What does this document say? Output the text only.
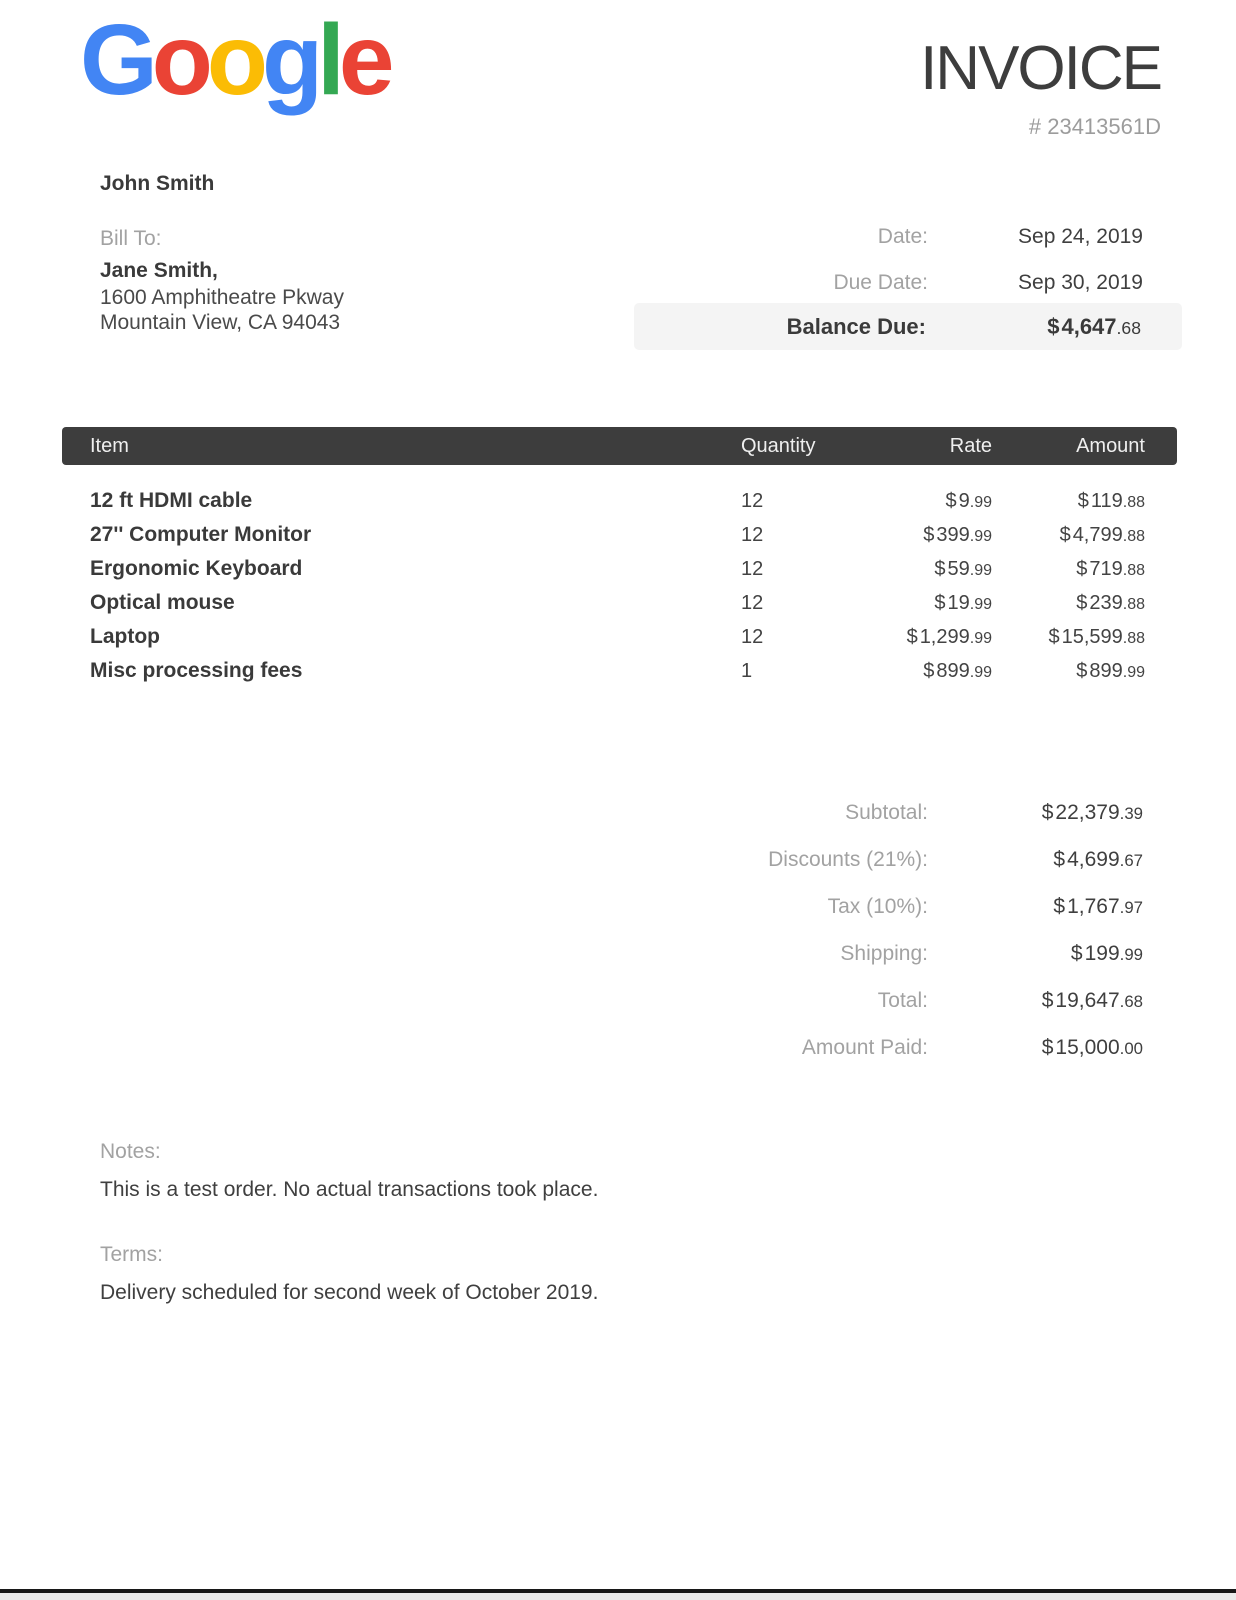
Google	INVOICE
# 23413561D
John Smith
Bill To:
Jane Smith,
1600 Amphitheatre Pkway
Mountain View, CA 94043
Date:	Sep 24, 2019
Due Date:	Sep 30, 2019
Balance Due:	$4,647.68
Item	Quantity	Rate	Amount
12 ft HDMI cable	12	$ 9.99	$ 119.88
27'' Computer Monitor	12	$ 399.99	$ 4,799.88
Ergonomic Keyboard	12	$ 59.99	$ 719.88
Optical mouse	12	$ 19.99	$ 239.88
Laptop	12	$ 1,299.99	$ 15,599.88
Misc processing fees	1	$ 899.99	$ 899.99
Subtotal:	$22,379.39
Discounts (21%):	$4,699.67
Tax (10%):	$1,767.97
Shipping:	$199.99
Total:	$19,647.68
Amount Paid:	$15,000.00
Notes:
This is a test order. No actual transactions took place.
Terms:
Delivery scheduled for second week of October 2019.
